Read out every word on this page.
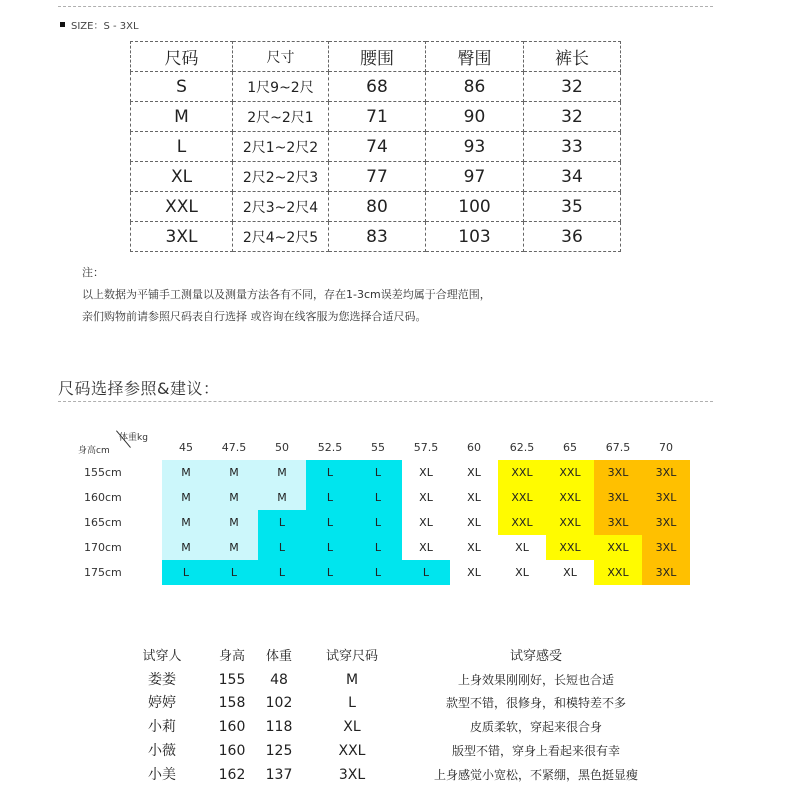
SIZE：S - 3XL
尺码	尺寸	腰围	臀围	裤长
S	1尺9~2尺	68	86	32
M	2尺~2尺1	71	90	32
L	2尺1~2尺2	74	93	33
XL	2尺2~2尺3	77	97	34
XXL	2尺3~2尺4	80	100	35
3XL	2尺4~2尺5	83	103	36
注：
以上数据为平铺手工测量以及测量方法各有不同，存在1-3cm误差均属于合理范围，
亲们购物前请参照尺码表自行选择 或咨询在线客服为您选择合适尺码。
尺码选择参照&建议：
身高cm
体重kg
45	47.5	50	52.5	55	57.5	60	62.5	65	67.5	70
155cm	M	M	M	L	L	XL	XL	XXL	XXL	3XL	3XL
160cm	M	M	M	L	L	XL	XL	XXL	XXL	3XL	3XL
165cm	M	M	L	L	L	XL	XL	XXL	XXL	3XL	3XL
170cm	M	M	L	L	L	XL	XL	XL	XXL	XXL	3XL
175cm	L	L	L	L	L	L	XL	XL	XL	XXL	3XL
试穿人	身高	体重	试穿尺码	试穿感受
娄娄	155	48	M	上身效果刚刚好，长短也合适
婷婷	158	102	L	款型不错，很修身，和模特差不多
小莉	160	118	XL	皮质柔软，穿起来很合身
小薇	160	125	XXL	版型不错，穿身上看起来很有幸
小美	162	137	3XL	上身感觉小宽松，不紧绷，黑色挺显瘦
